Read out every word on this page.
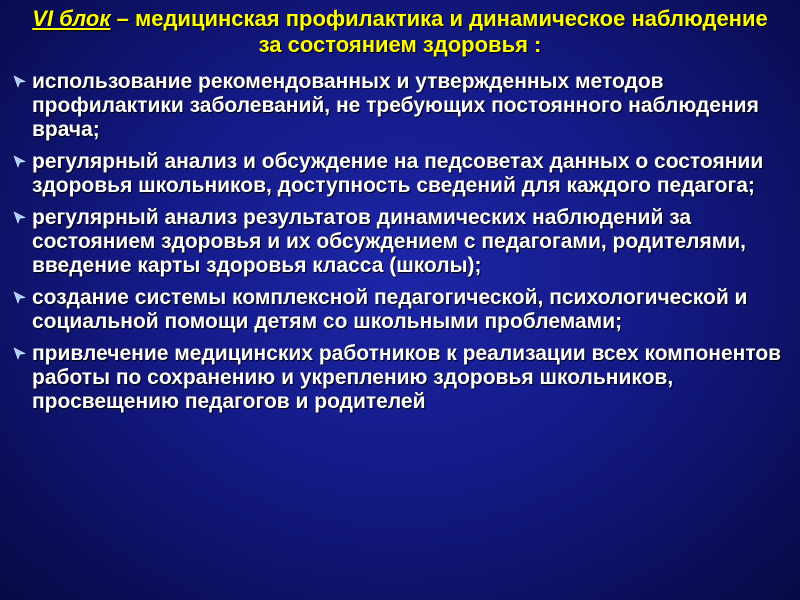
VI блок – медицинская профилактика и динамическое наблюдение за состоянием здоровья :
использование рекомендованных и утвержденных методов профилактики заболеваний, не требующих постоянного наблюдения врача;
регулярный анализ и обсуждение на педсоветах данных о состоянии здоровья школьников, доступность сведений для каждого педагога;
регулярный анализ результатов динамических наблюдений за состоянием здоровья и их обсуждением с педагогами, родителями, введение карты здоровья класса (школы);
создание системы комплексной педагогической, психологической и социальной помощи детям со школьными проблемами;
привлечение медицинских работников к реализации всех компонентов работы по сохранению и укреплению здоровья школьников, просвещению педагогов и родителей
